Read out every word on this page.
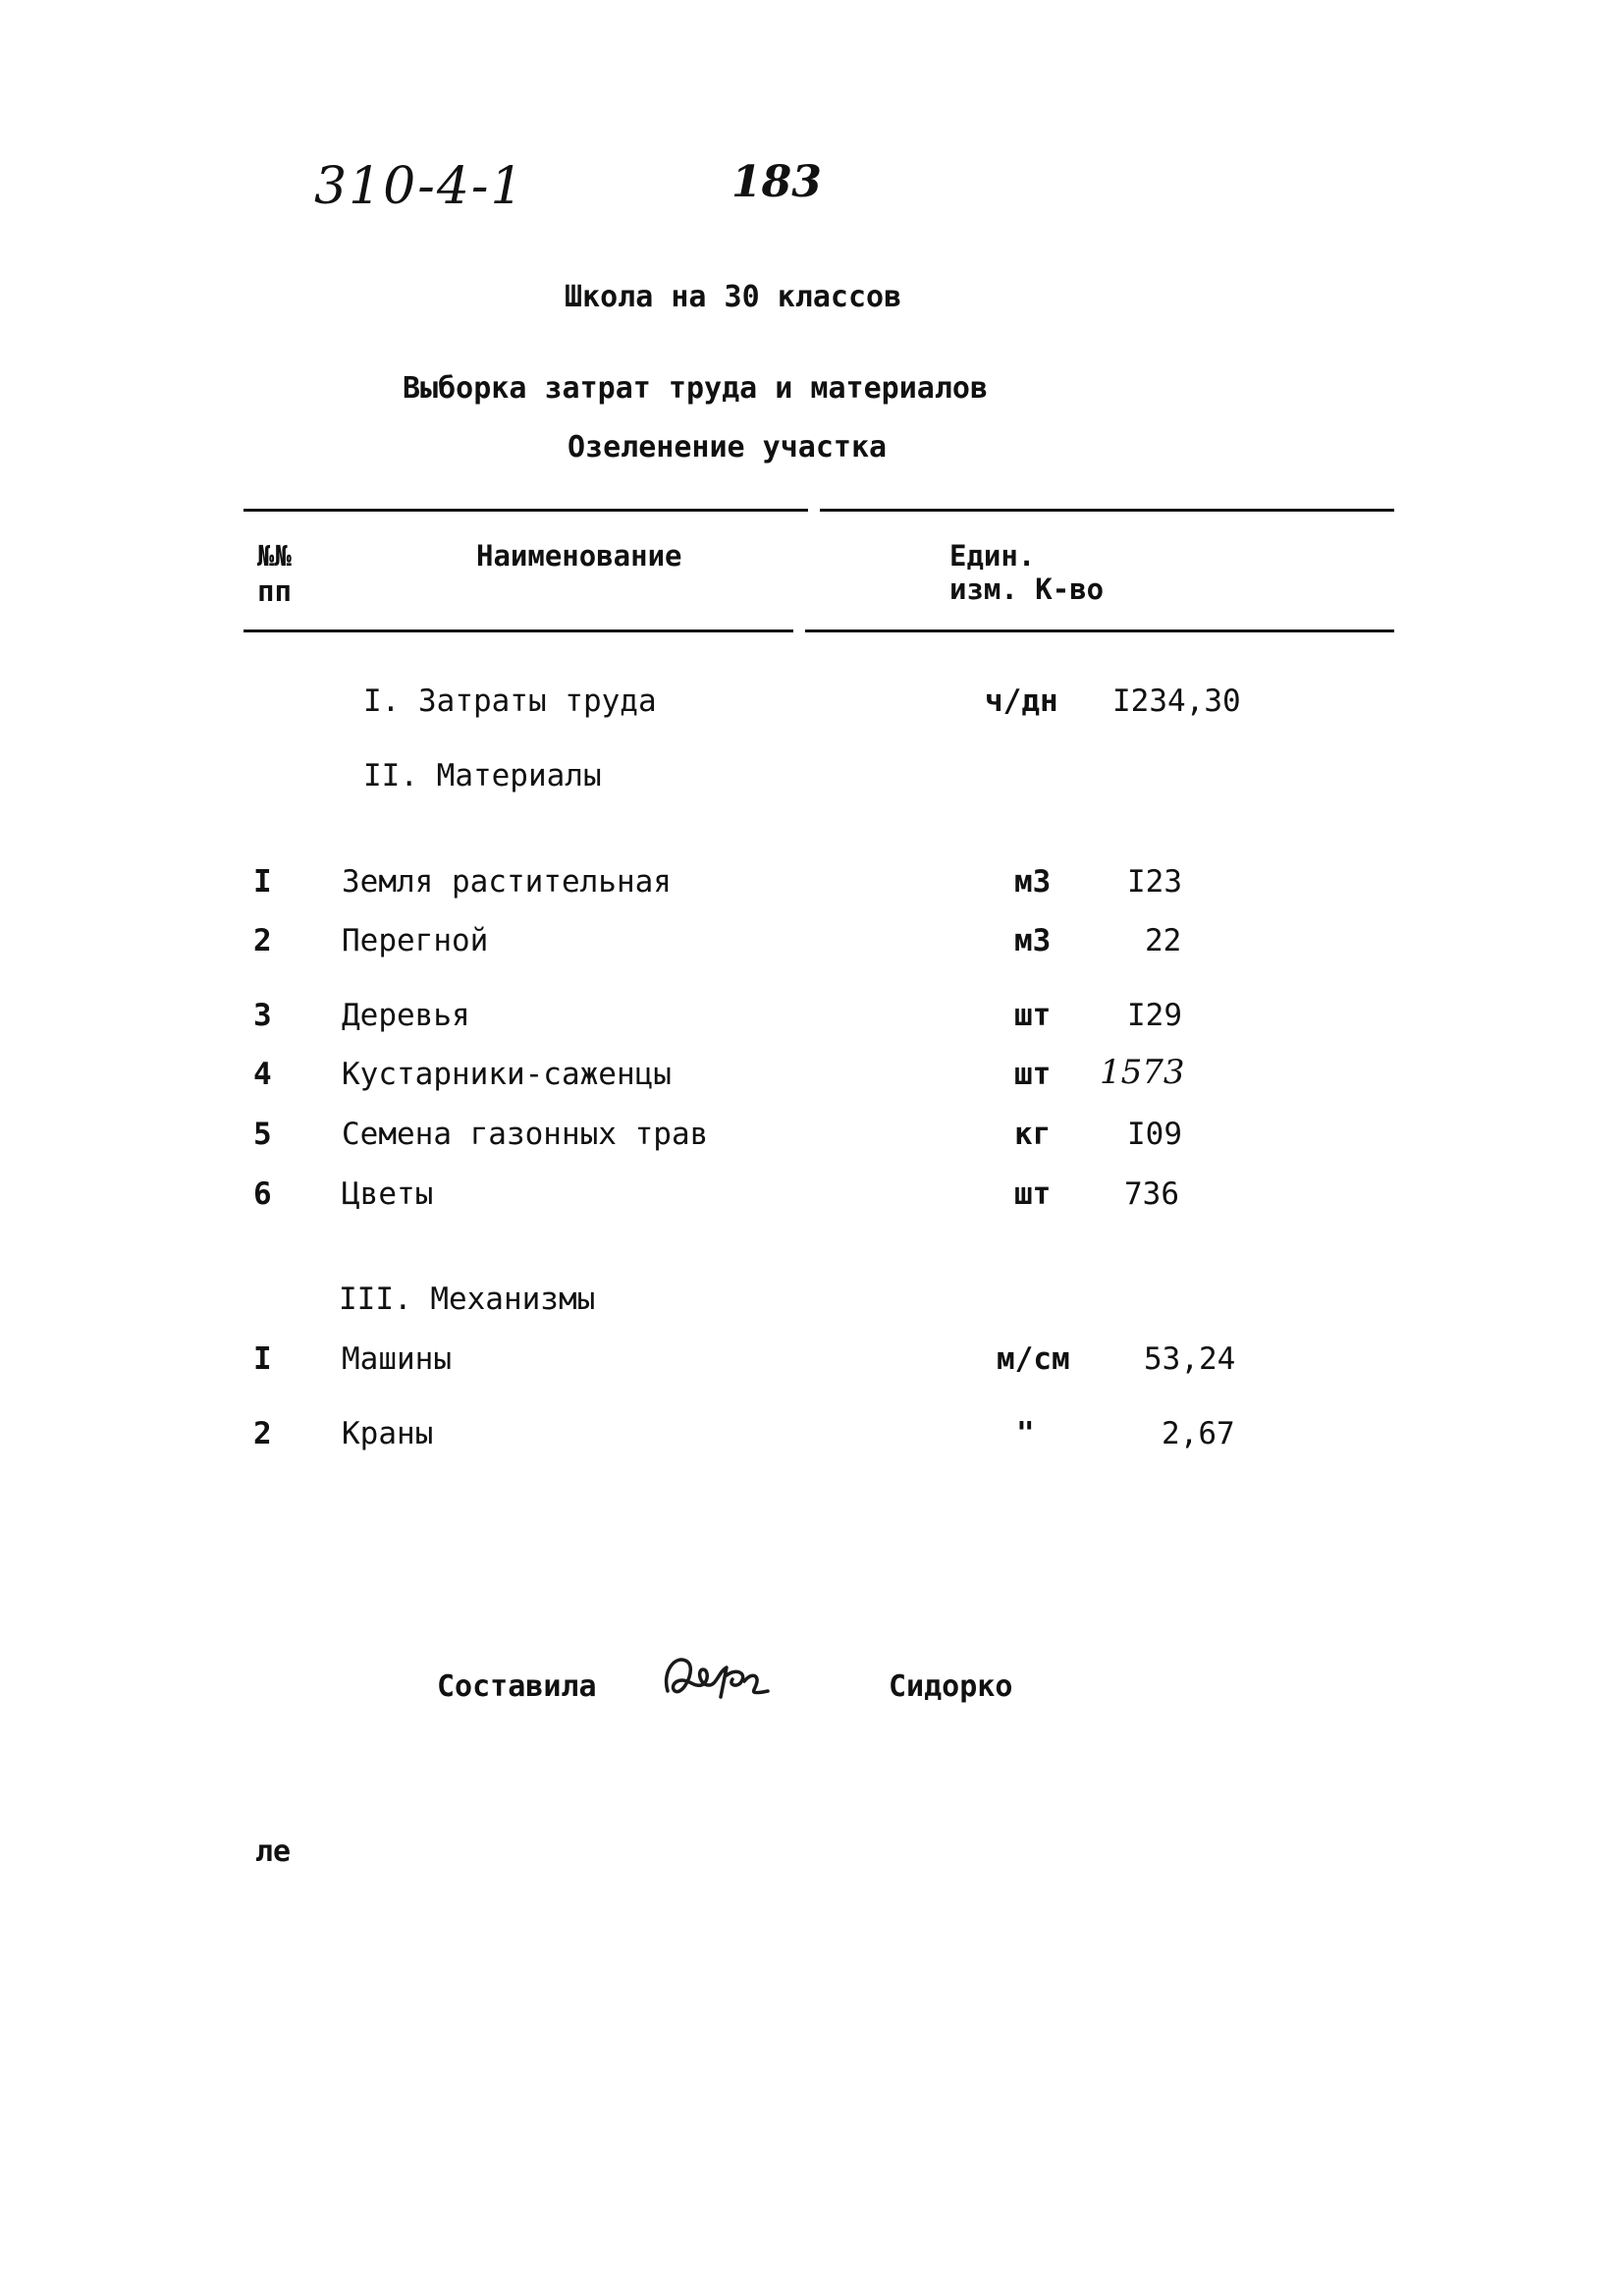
310-4-1	183
Школа на 30 классов
Выборка затрат труда и материалов
Озеленение участка
№№
пп
Наименование	Един.
изм. К-во
I. Затраты труда	ч/дн I234,30
II. Материалы
I Земля растительная	м3	I23
2 Перегной	м3	22
3 Деревья	шт	I29
4 Кустарники-саженцы	шт 1573
5 Семена газонных трав	кг	I09
6 Цветы	шт 736
III. Механизмы
I Машины	м/см 53,24
2 Краны	"	2,67
Составила	Сидорко
ле
